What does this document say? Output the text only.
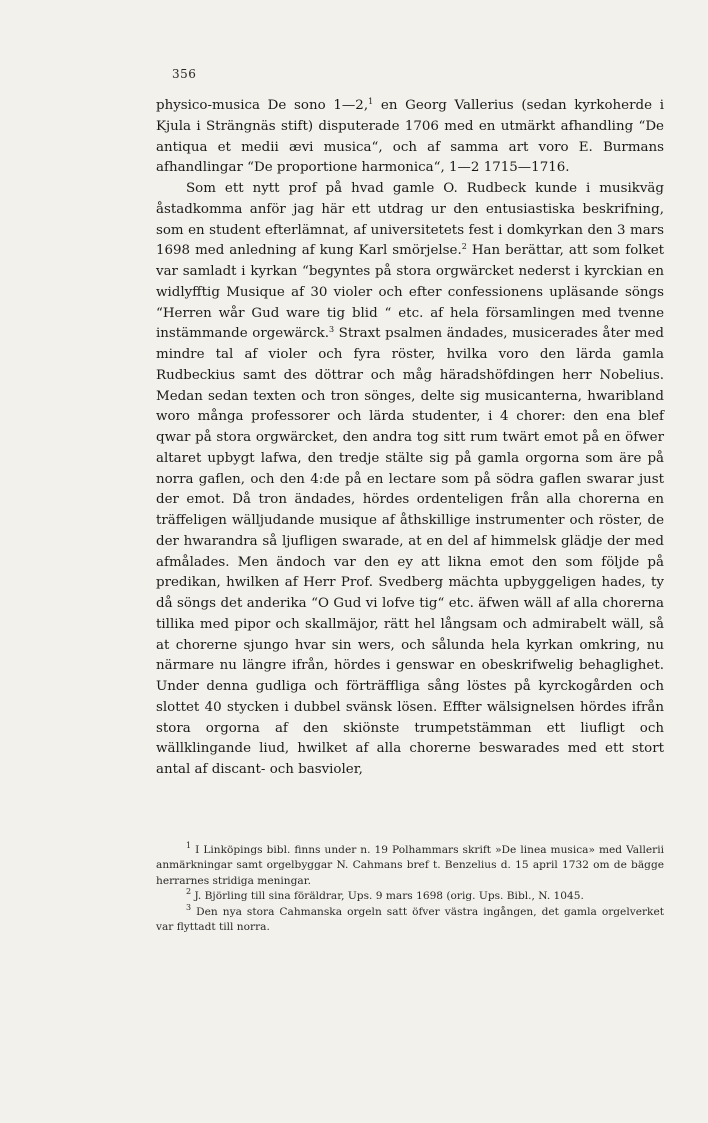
356

physico-musica De sono 1—2,$^1$ en Georg Vallerius (sedan kyrkoherde i Kjula i Strängnäs stift) disputerade 1706 med en utmärkt afhandling “De antiqua et medii ævi musica“, och af samma art voro E. Burmans afhandlingar “De proportione harmonica“, 1—2 1715—1716.

Som ett nytt prof på hvad gamle O. Rudbeck kunde i musikväg åstadkomma anför jag här ett utdrag ur den entusiastiska beskrifning, som en student efterlämnat, af universitetets fest i domkyrkan den 3 mars 1698 med anledning af kung Karl smörjelse.$^2$ Han berättar, att som folket var samladt i kyrkan “begyntes på stora orgwärcket nederst i kyrckian en widlyfftig Musique af 30 violer och efter confessionens upläsande söngs “Herren wår Gud ware tig blid “ etc. af hela församlingen med tvenne instämmande orgewärck.$^3$ Straxt psalmen ändades, musicerades åter med mindre tal af violer och fyra röster, hvilka voro den lärda gamla Rudbeckius samt des döttrar och måg häradshöfdingen herr Nobelius. Medan sedan texten och tron sönges, delte sig musicanterna, hwaribland woro många professorer och lärda studenter, i 4 chorer: den ena blef qwar på stora orgwärcket, den andra tog sitt rum twärt emot på en öfwer altaret upbygt lafwa, den tredje stälte sig på gamla orgorna som äre på norra gaflen, och den 4:de på en lectare som på södra gaflen swarar just der emot. Då tron ändades, hördes ordenteligen från alla chorerna en träffeligen wälljudande musique af åthskillige instrumenter och röster, de der hwarandra så ljufligen swarade, at en del af himmelsk glädje der med afmålades. Men ändoch var den ey att likna emot den som följde på predikan, hwilken af Herr Prof. Svedberg mächta upbyggeligen hades, ty då söngs det anderika “O Gud vi lofve tig“ etc. äfwen wäll af alla chorerna tillika med pipor och skallmäjor, rätt hel långsam och admirabelt wäll, så at chorerne sjungo hvar sin wers, och sålunda hela kyrkan omkring, nu närmare nu längre ifrån, hördes i genswar en obeskrifwelig behaglighet. Under denna gudliga och förträffliga sång löstes på kyrckogården och slottet 40 stycken i dubbel svänsk lösen. Effter wälsignelsen hördes ifrån stora orgorna af den skiönste trumpetstämman ett liufligt och wällklingande liud, hwilket af alla chorerne beswarades med ett stort antal af discant- och basvioler,

$^1$ I Linköpings bibl. finns under n. 19 Polhammars skrift »De linea musica» med Vallerii anmärkningar samt orgelbyggar N. Cahmans bref t. Benzelius d. 15 april 1732 om de bägge herrarnes stridiga meningar.

$^2$ J. Björling till sina föräldrar, Ups. 9 mars 1698 (orig. Ups. Bibl., N. 1045.

$^3$ Den nya stora Cahmanska orgeln satt öfver västra ingången, det gamla orgelverket var flyttadt till norra.
